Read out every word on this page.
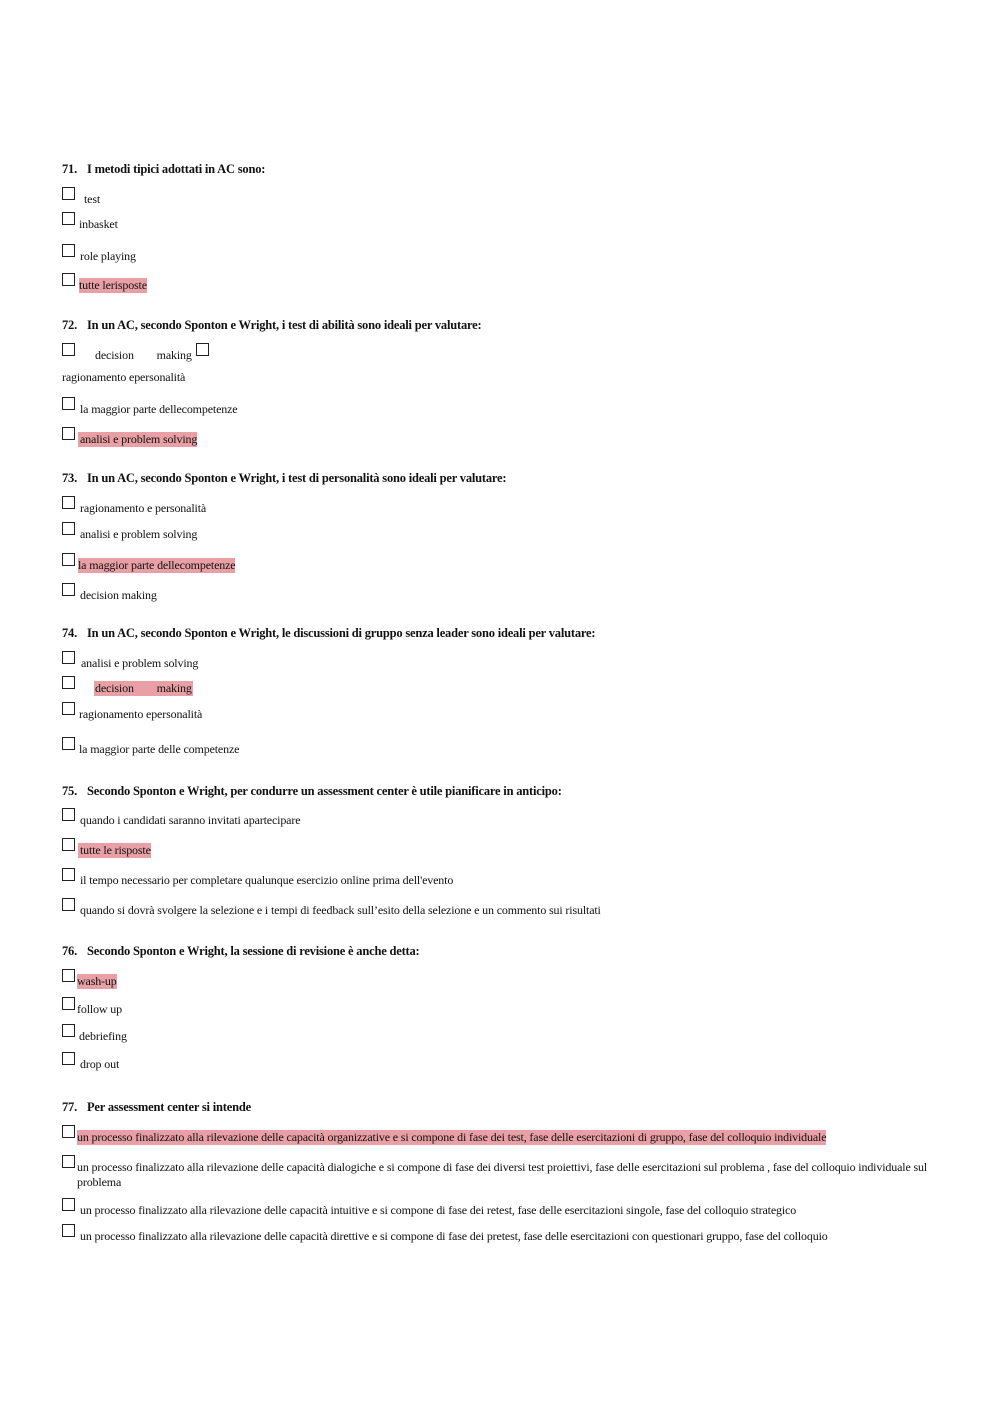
71. I metodi tipici adottati in AC sono:
test
inbasket
role playing
tutte lerisposte
72. In un AC, secondo Sponton e Wright, i test di abilità sono ideali per valutare:
decision making
ragionamento epersonalità
la maggior parte dellecompetenze
analisi e problem solving
73. In un AC, secondo Sponton e Wright, i test di personalità sono ideali per valutare:
ragionamento e personalità
analisi e problem solving
la maggior parte dellecompetenze
decision making
74. In un AC, secondo Sponton e Wright, le discussioni di gruppo senza leader sono ideali per valutare:
analisi e problem solving
decision making
ragionamento epersonalità
la maggior parte delle competenze
75. Secondo Sponton e Wright, per condurre un assessment center è utile pianificare in anticipo:
quando i candidati saranno invitati apartecipare
tutte le risposte
il tempo necessario per completare qualunque esercizio online prima dell'evento
quando si dovrà svolgere la selezione e i tempi di feedback sull’esito della selezione e un commento sui risultati
76. Secondo Sponton e Wright, la sessione di revisione è anche detta:
wash-up
follow up
debriefing
drop out
77. Per assessment center si intende
un processo finalizzato alla rilevazione delle capacità organizzative e si compone di fase dei test, fase delle esercitazioni di gruppo, fase del colloquio individuale
un processo finalizzato alla rilevazione delle capacità dialogiche e si compone di fase dei diversi test proiettivi, fase delle esercitazioni sul problema , fase del colloquio individuale sul problema
un processo finalizzato alla rilevazione delle capacità intuitive e si compone di fase dei retest, fase delle esercitazioni singole, fase del colloquio strategico
un processo finalizzato alla rilevazione delle capacità direttive e si compone di fase dei pretest, fase delle esercitazioni con questionari gruppo, fase del colloquio
